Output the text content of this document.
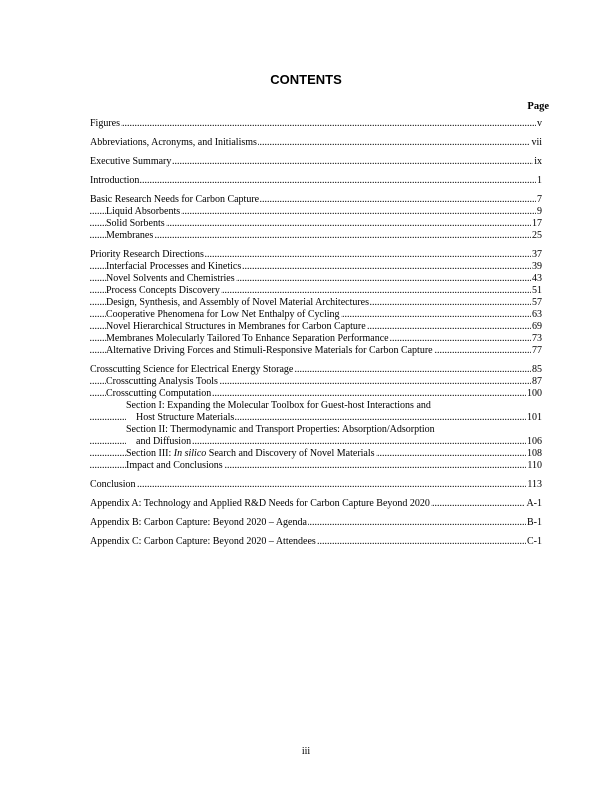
CONTENTS
Page
.....
Figures	v
.....
Abbreviations, Acronyms, and Initialisms	vii
.....
Executive Summary	ix
.....
Introduction	1
.....
Basic Research Needs for Carbon Capture	7
.....
Liquid Absorbents	9
.....
Solid Sorbents	17
.....
Membranes	25
.....
Priority Research Directions	37
.....
Interfacial Processes and Kinetics	39
.....
Novel Solvents and Chemistries	43
.....
Process Concepts Discovery	51
.....
Design, Synthesis, and Assembly of Novel Material Architectures	57
.....
Cooperative Phenomena for Low Net Enthalpy of Cycling	63
.....
Novel Hierarchical Structures in Membranes for Carbon Capture	69
.....
Membranes Molecularly Tailored To Enhance Separation Performance	73
.....
Alternative Driving Forces and Stimuli-Responsive Materials for Carbon Capture	77
.....
Crosscutting Science for Electrical Energy Storage	85
.....
Crosscutting Analysis Tools	87
.....
Crosscutting Computation	100
.....
Section I: Expanding the Molecular Toolbox for Guest-host Interactions and
Host Structure Materials	101
.....
Section II: Thermodynamic and Transport Properties: Absorption/Adsorption
and Diffusion	106
.....
Section III: In silico Search and Discovery of Novel Materials	108
.....
Impact and Conclusions	110
.....
Conclusion	113
.....
Appendix A: Technology and Applied R&D Needs for Carbon Capture Beyond 2020	A-1
.....
Appendix B: Carbon Capture: Beyond 2020 – Agenda	B-1
.....
Appendix C: Carbon Capture: Beyond 2020 – Attendees	C-1
iii
